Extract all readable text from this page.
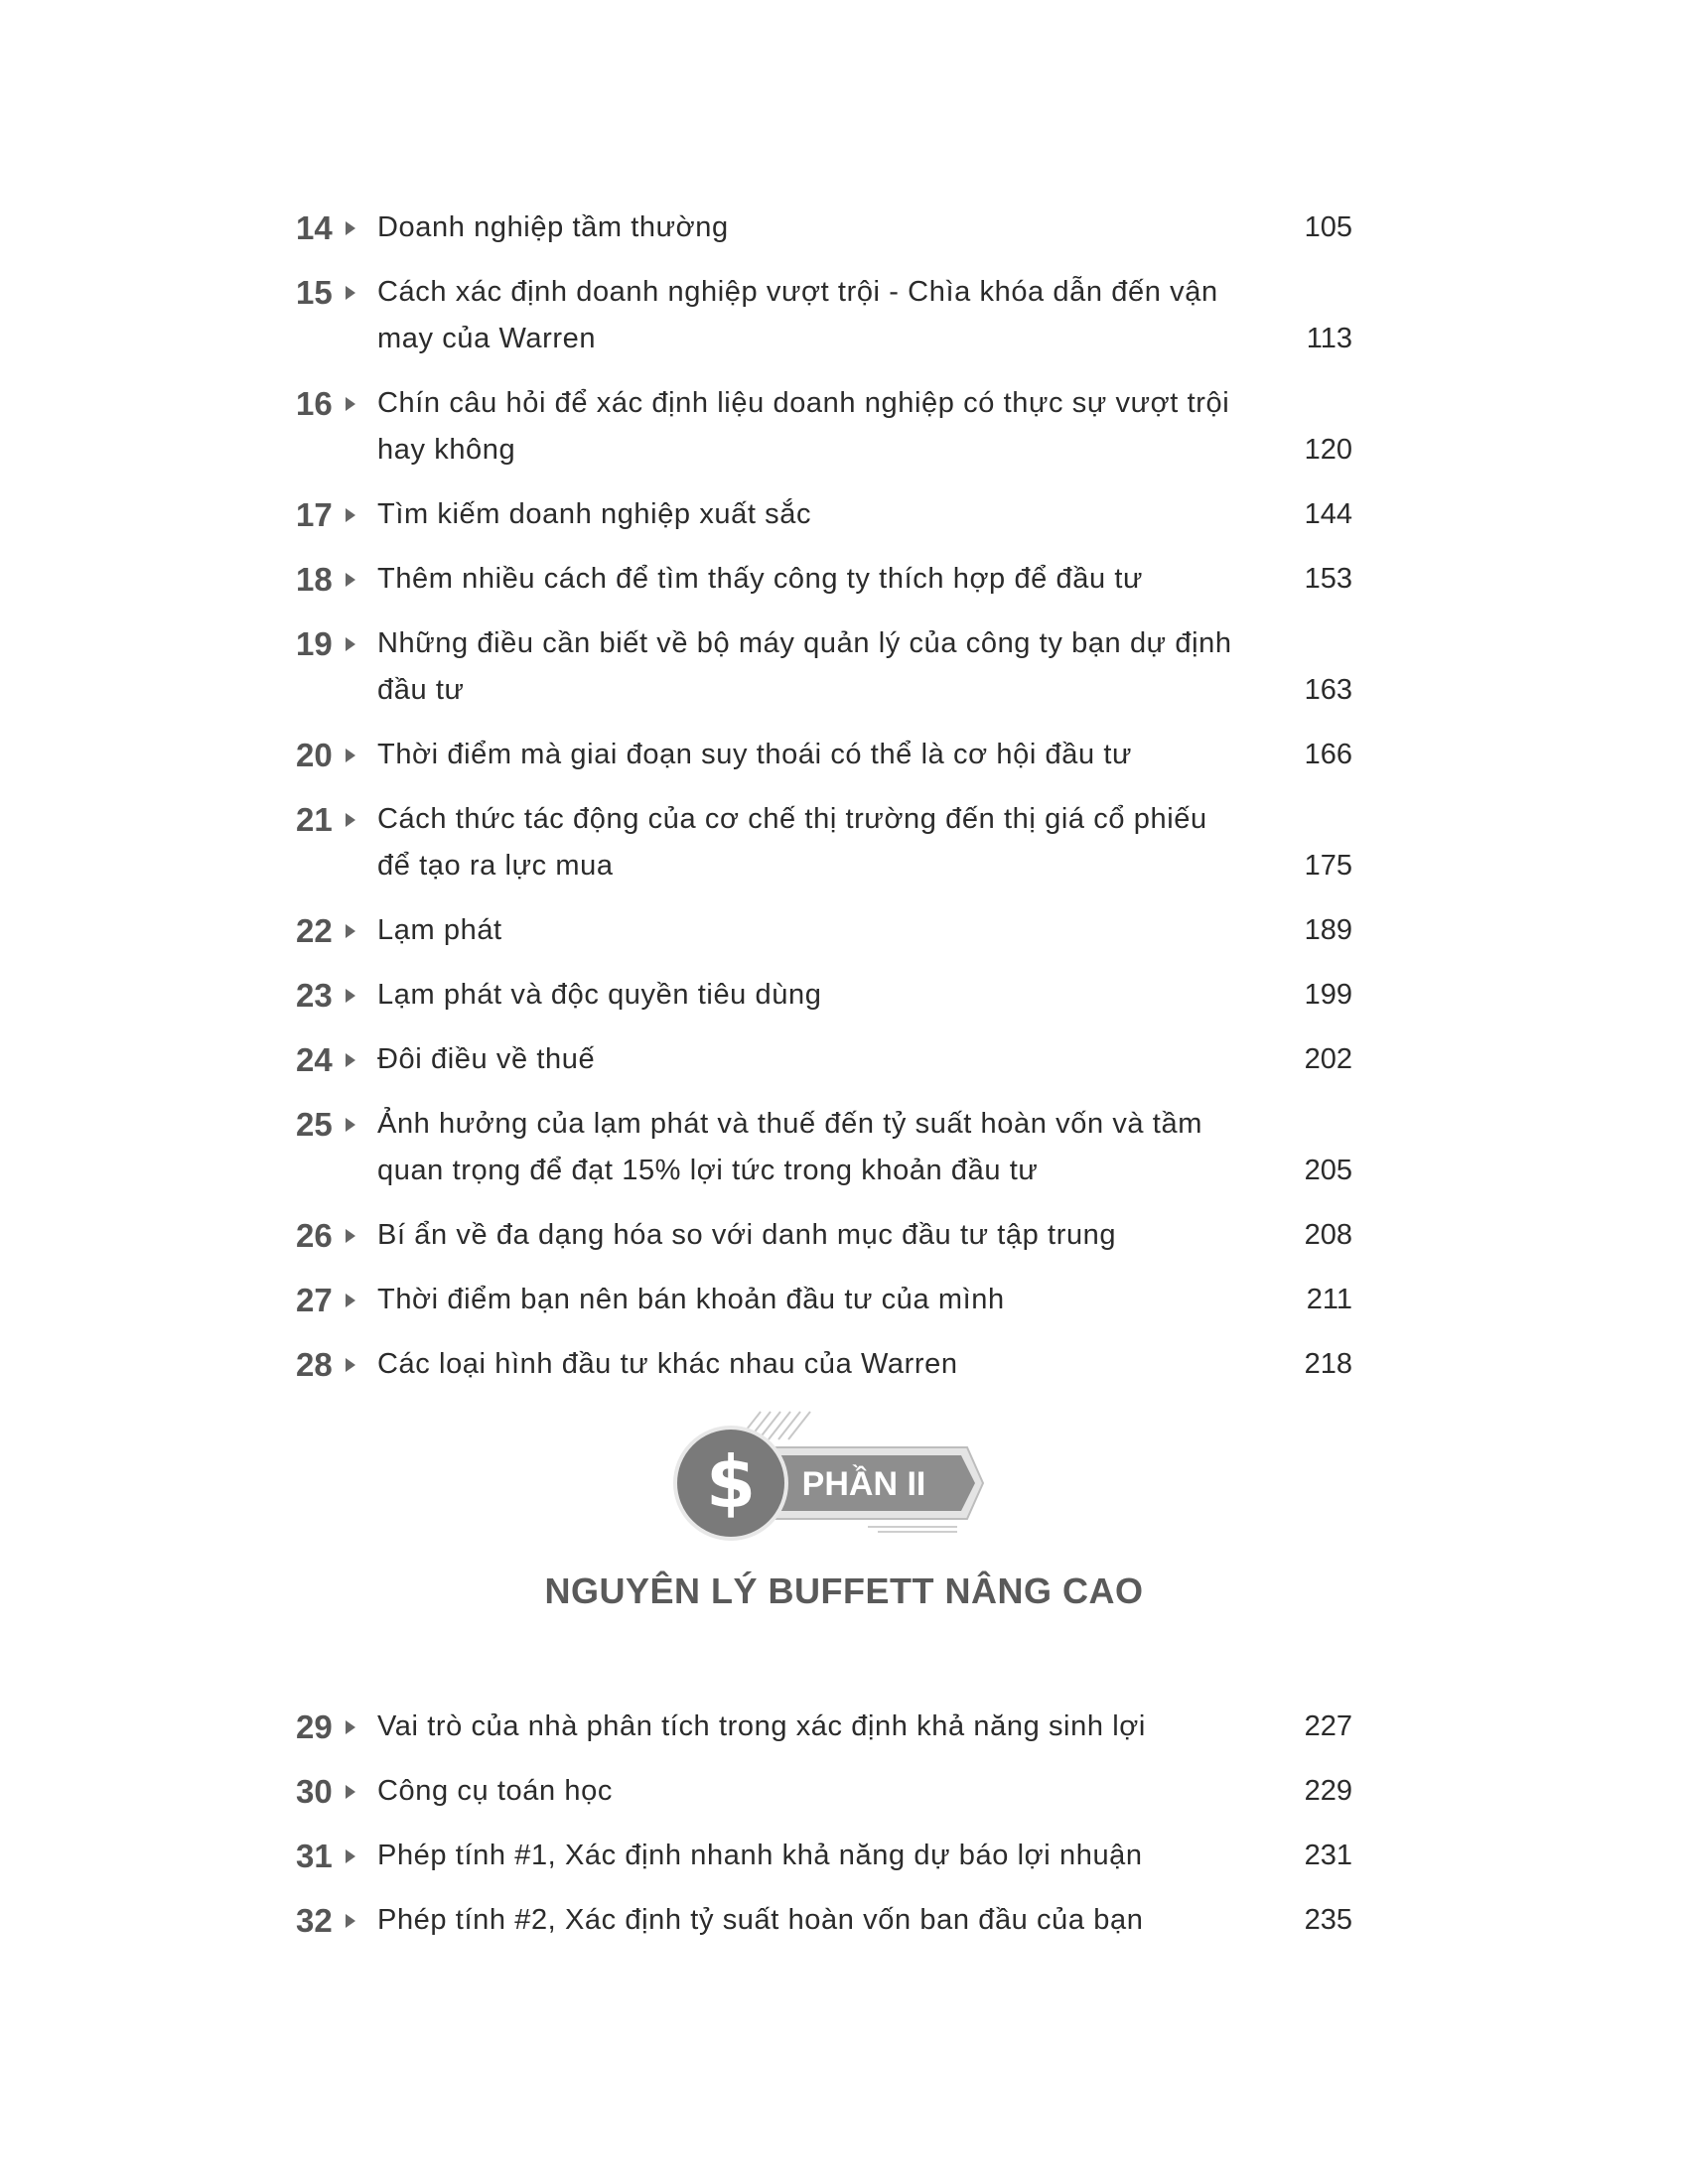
14 Doanh nghiệp tầm thường	105
15 Cách xác định doanh nghiệp vượt trội - Chìa khóa dẫn đến vận may của Warren	113
16 Chín câu hỏi để xác định liệu doanh nghiệp có thực sự vượt trội hay không	120
17 Tìm kiếm doanh nghiệp xuất sắc	144
18 Thêm nhiều cách để tìm thấy công ty thích hợp để đầu tư	153
19 Những điều cần biết về bộ máy quản lý của công ty bạn dự định đầu tư	163
20 Thời điểm mà giai đoạn suy thoái có thể là cơ hội đầu tư	166
21 Cách thức tác động của cơ chế thị trường đến thị giá cổ phiếu để tạo ra lực mua	175
22 Lạm phát	189
23 Lạm phát và độc quyền tiêu dùng	199
24 Đôi điều về thuế	202
25 Ảnh hưởng của lạm phát và thuế đến tỷ suất hoàn vốn và tầm quan trọng để đạt 15% lợi tức trong khoản đầu tư	205
26 Bí ẩn về đa dạng hóa so với danh mục đầu tư tập trung	208
27 Thời điểm bạn nên bán khoản đầu tư của mình	211
28 Các loại hình đầu tư khác nhau của Warren	218
$ PHẦN II
NGUYÊN LÝ BUFFETT NÂNG CAO
29 Vai trò của nhà phân tích trong xác định khả năng sinh lợi	227
30 Công cụ toán học	229
31 Phép tính #1, Xác định nhanh khả năng dự báo lợi nhuận	231
32 Phép tính #2, Xác định tỷ suất hoàn vốn ban đầu của bạn	235
